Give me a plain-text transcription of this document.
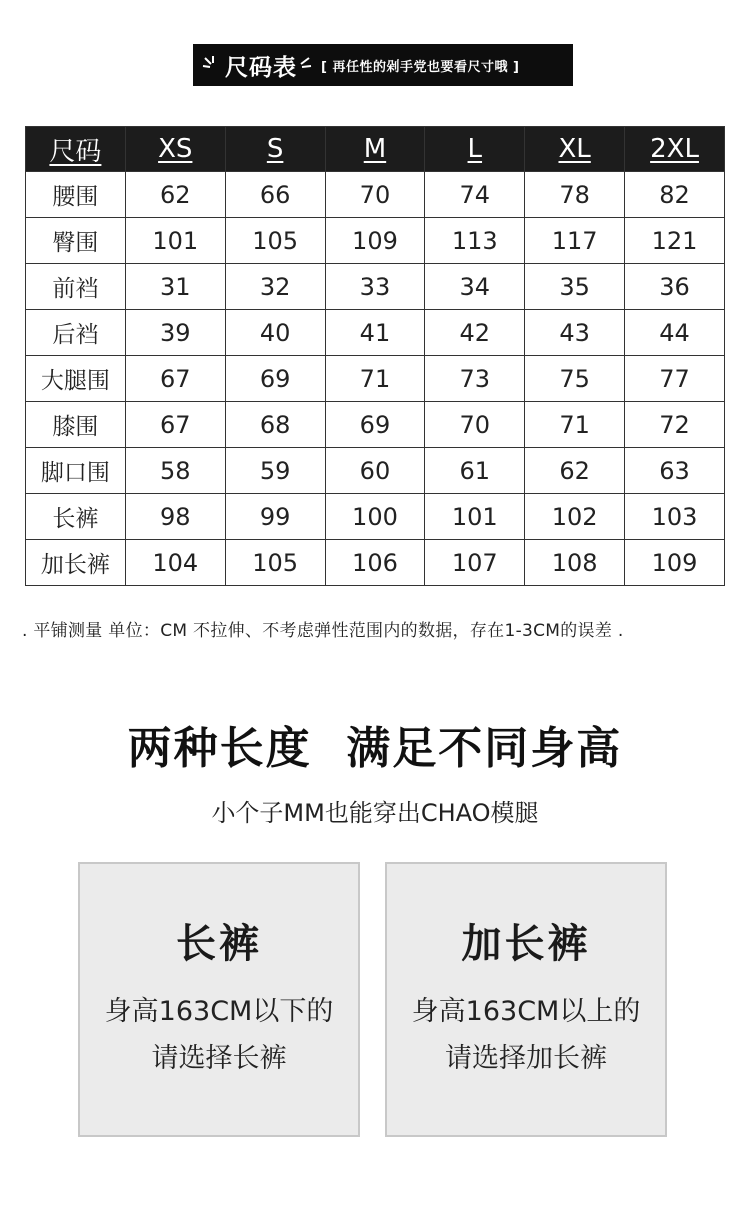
尺码表 [ 再任性的剁手党也要看尺寸哦 ]
尺码	XS	S	M	L	XL	2XL
腰围	62	66	70	74	78	82
臀围	101	105	109	113	117	121
前裆	31	32	33	34	35	36
后裆	39	40	41	42	43	44
大腿围	67	69	71	73	75	77
膝围	67	68	69	70	71	72
脚口围	58	59	60	61	62	63
长裤	98	99	100	101	102	103
加长裤	104	105	106	107	108	109
. 平铺测量 单位：CM 不拉伸、不考虑弹性范围内的数据，存在1-3CM的误差 .
两种长度  满足不同身高
小个子MM也能穿出CHAO模腿
长裤
身高163CM以下的
请选择长裤
加长裤
身高163CM以上的
请选择加长裤
